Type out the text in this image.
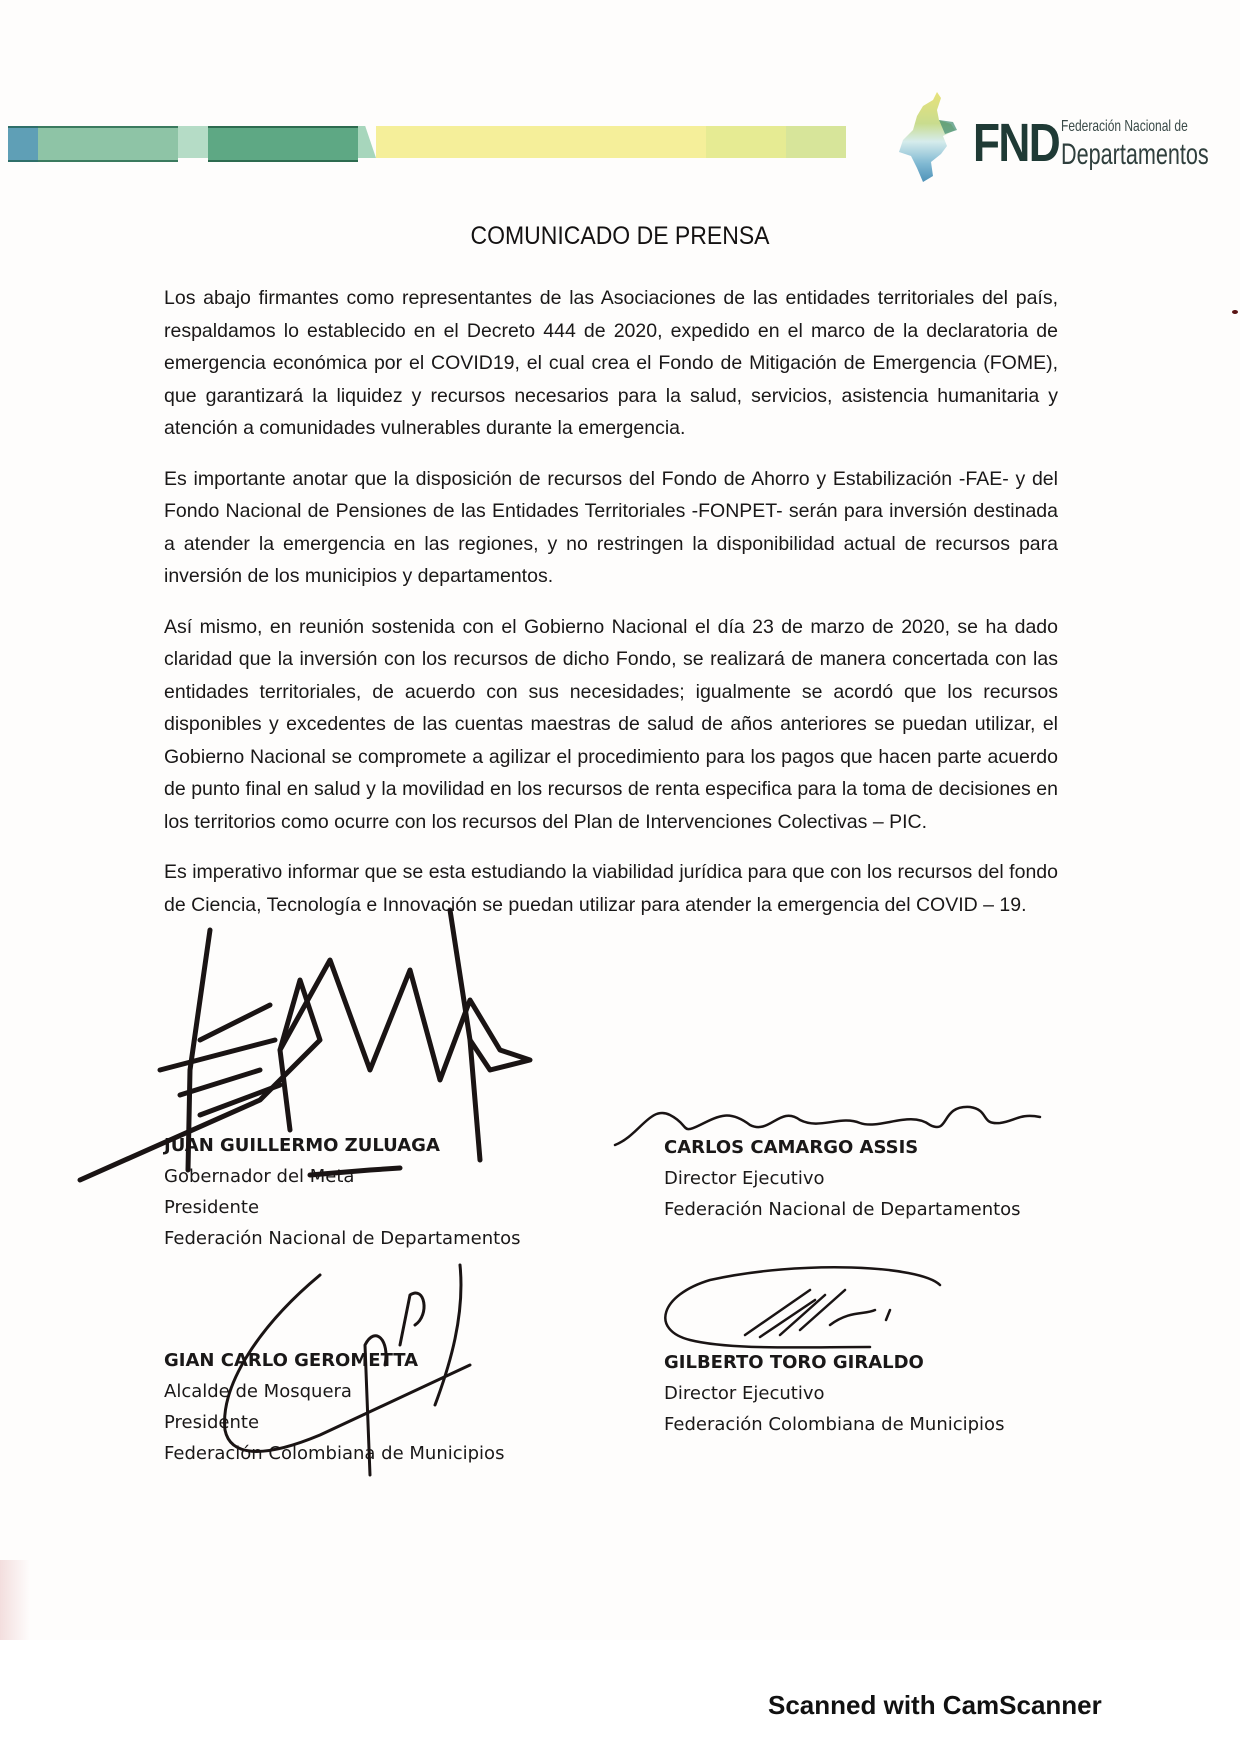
FND Federación Nacional de
Departamentos
COMUNICADO DE PRENSA

Los abajo firmantes como representantes de las Asociaciones de las entidades territoriales del país, respaldamos lo establecido en el Decreto 444 de 2020, expedido en el marco de la declaratoria de emergencia económica por el COVID19, el cual crea el Fondo de Mitigación de Emergencia (FOME), que garantizará la liquidez y recursos necesarios para la salud, servicios, asistencia humanitaria y atención a comunidades vulnerables durante la emergencia.

Es importante anotar que la disposición de recursos del Fondo de Ahorro y Estabilización -FAE- y del Fondo Nacional de Pensiones de las Entidades Territoriales -FONPET- serán para inversión destinada a atender la emergencia en las regiones, y no restringen la disponibilidad actual de recursos para inversión de los municipios y departamentos.

Así mismo, en reunión sostenida con el Gobierno Nacional el día 23 de marzo de 2020, se ha dado claridad que la inversión con los recursos de dicho Fondo, se realizará de manera concertada con las entidades territoriales, de acuerdo con sus necesidades; igualmente se acordó que los recursos disponibles y excedentes de las cuentas maestras de salud de años anteriores se puedan utilizar, el Gobierno Nacional se compromete a agilizar el procedimiento para los pagos que hacen parte acuerdo de punto final en salud y la movilidad en los recursos de renta especifica para la toma de decisiones en los territorios como ocurre con los recursos del Plan de Intervenciones Colectivas – PIC.

Es imperativo informar que se esta estudiando la viabilidad jurídica para que con los recursos del fondo de Ciencia, Tecnología e Innovación se puedan utilizar para atender la emergencia del COVID – 19.

JUAN GUILLERMO ZULUAGA
Gobernador del Meta
Presidente
Federación Nacional de Departamentos
CARLOS CAMARGO ASSIS
Director Ejecutivo
Federación Nacional de Departamentos
GIAN CARLO GEROMETTA
Alcalde de Mosquera
Presidente
Federación Colombiana de Municipios
GILBERTO TORO GIRALDO
Director Ejecutivo
Federación Colombiana de Municipios
Scanned with CamScanner
